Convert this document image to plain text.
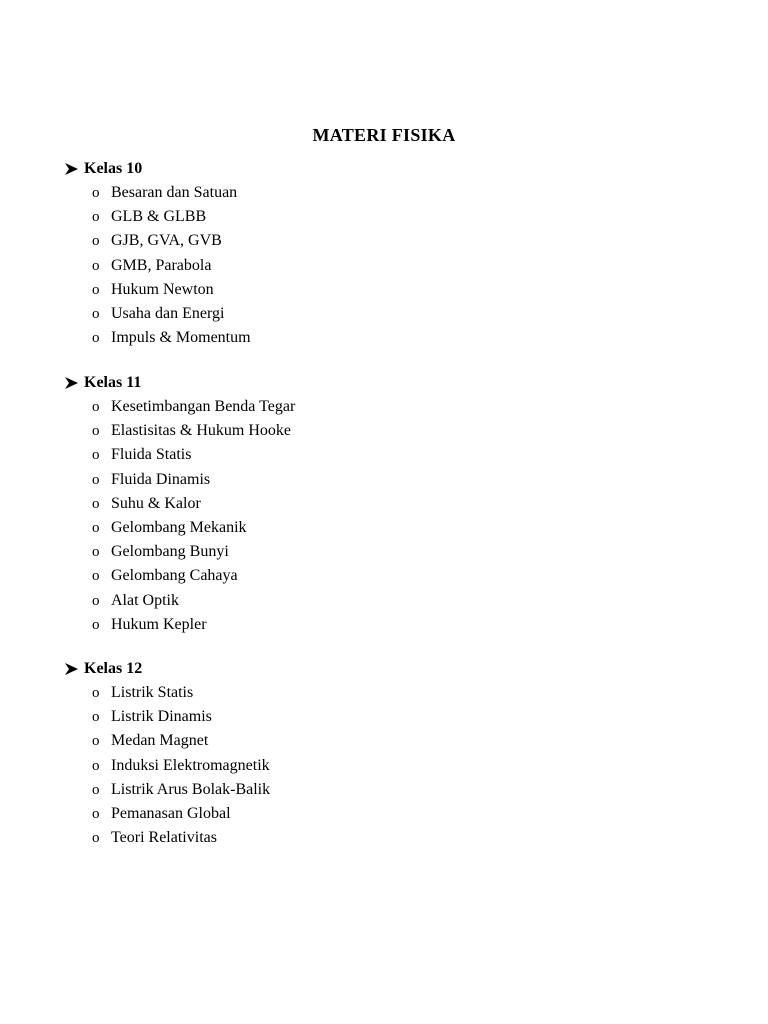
MATERI FISIKA
Kelas 10
o Besaran dan Satuan
o GLB & GLBB
o GJB, GVA, GVB
o GMB, Parabola
o Hukum Newton
o Usaha dan Energi
o Impuls & Momentum
Kelas 11
o Kesetimbangan Benda Tegar
o Elastisitas & Hukum Hooke
o Fluida Statis
o Fluida Dinamis
o Suhu & Kalor
o Gelombang Mekanik
o Gelombang Bunyi
o Gelombang Cahaya
o Alat Optik
o Hukum Kepler
Kelas 12
o Listrik Statis
o Listrik Dinamis
o Medan Magnet
o Induksi Elektromagnetik
o Listrik Arus Bolak-Balik
o Pemanasan Global
o Teori Relativitas
